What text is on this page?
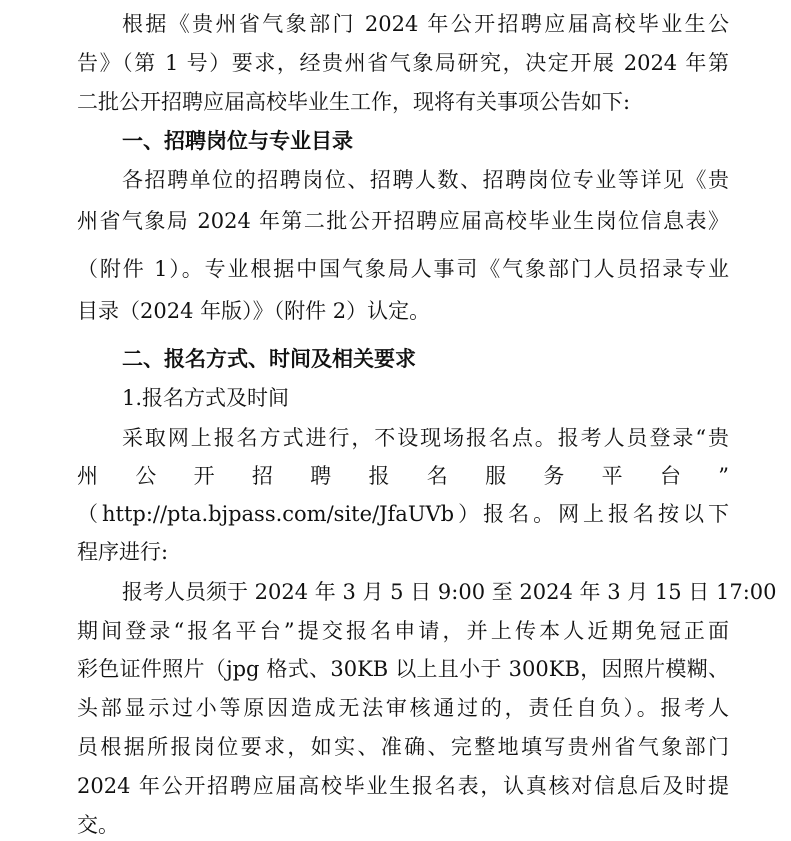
根据《贵州省气象部门 2024 年公开招聘应届高校毕业生公
告》（第 1 号）要求，经贵州省气象局研究，决定开展 2024 年第
二批公开招聘应届高校毕业生工作，现将有关事项公告如下:
一、招聘岗位与专业目录
各招聘单位的招聘岗位、招聘人数、招聘岗位专业等详见《贵
州省气象局 2024 年第二批公开招聘应届高校毕业生岗位信息表》
（附件 1）。专业根据中国气象局人事司《气象部门人员招录专业
目录（2024 年版）》（附件 2）认定。
二、报名方式、时间及相关要求
1.报名方式及时间
采取网上报名方式进行，不设现场报名点。报考人员登录“贵
州 公 开 招 聘 报 名 服 务 平 台 ”
（http://pta.bjpass.com/site/JfaUVb）报名。网上报名按以下
程序进行:
报考人员须于 2024 年 3 月 5 日 9:00 至 2024 年 3 月 15 日 17:00
期间登录“报名平台”提交报名申请，并上传本人近期免冠正面
彩色证件照片（jpg 格式、30KB 以上且小于 300KB，因照片模糊、
头部显示过小等原因造成无法审核通过的，责任自负）。报考人
员根据所报岗位要求，如实、准确、完整地填写贵州省气象部门
2024 年公开招聘应届高校毕业生报名表，认真核对信息后及时提
交。
